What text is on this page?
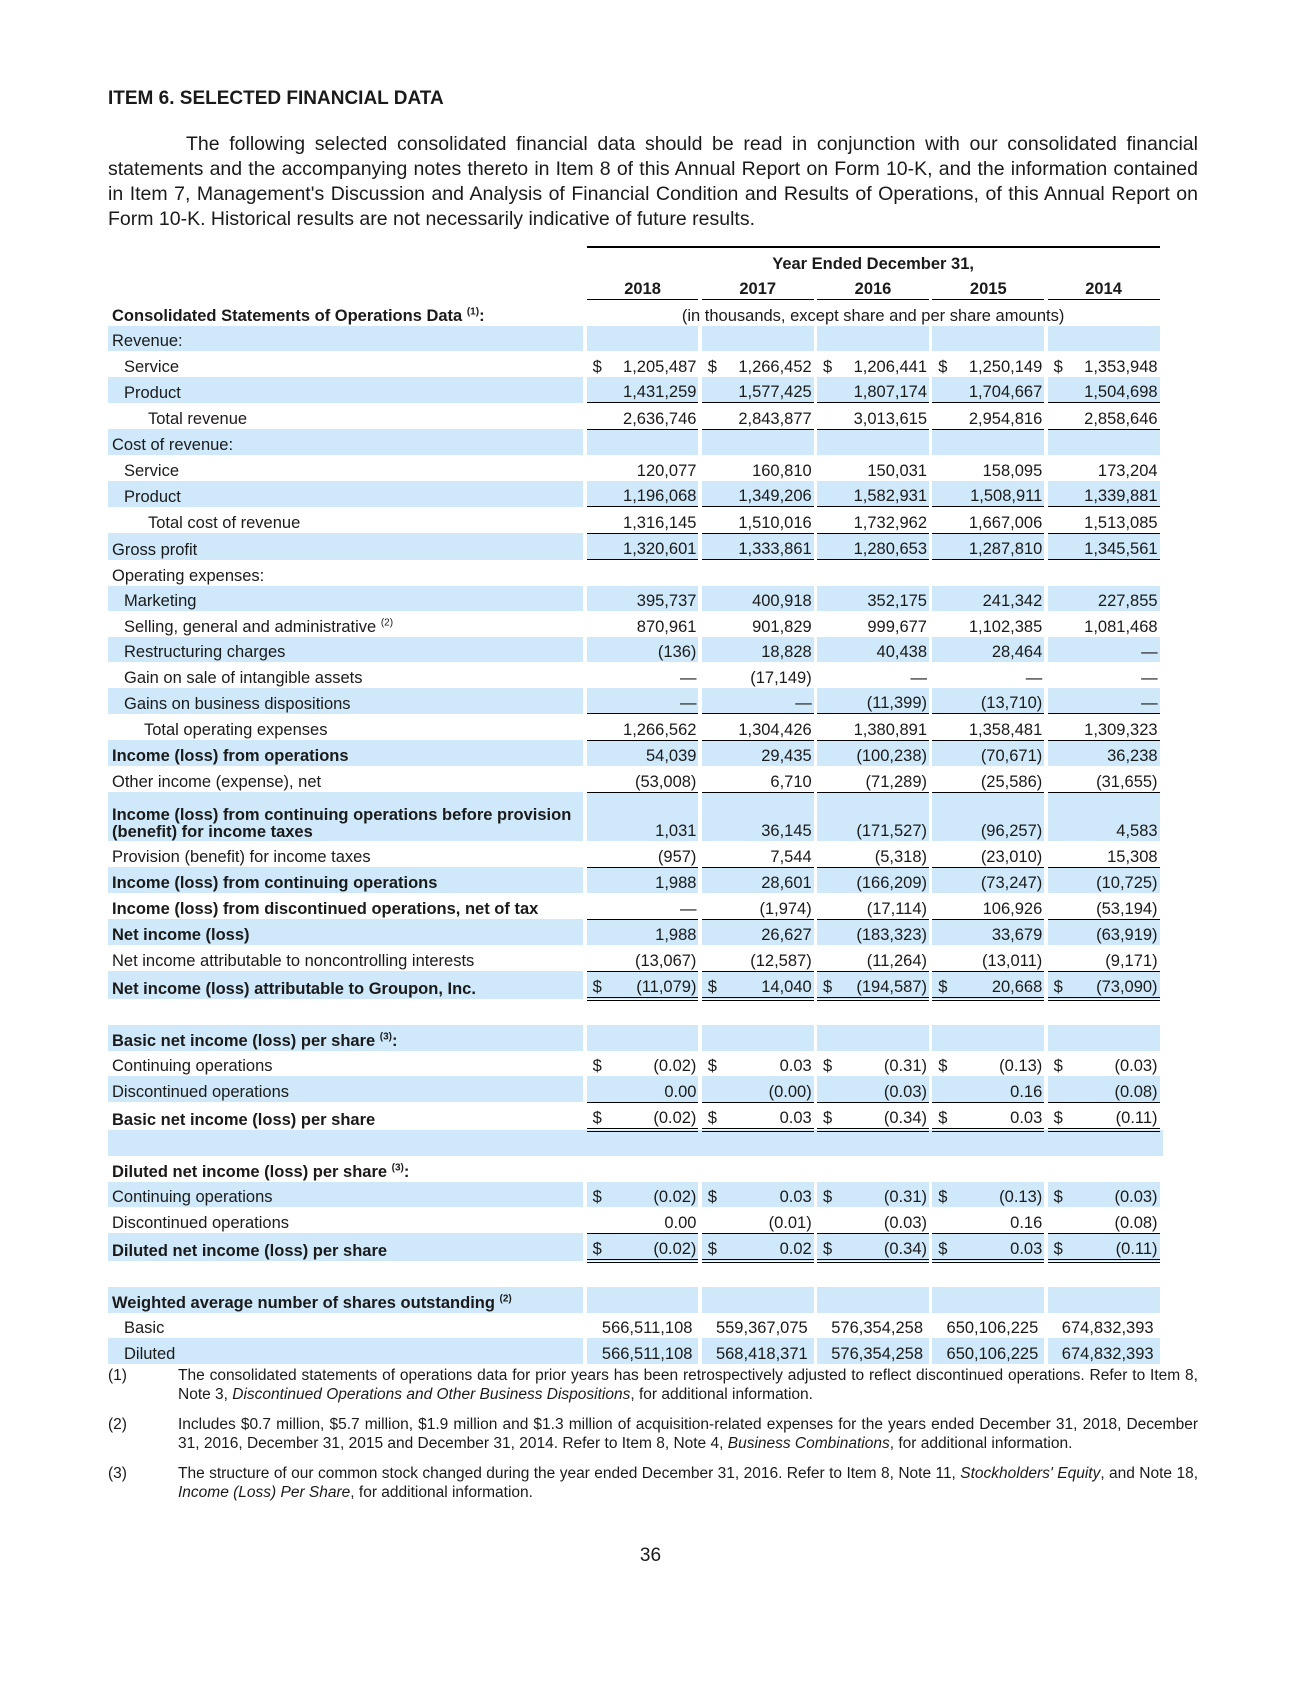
ITEM 6. SELECTED FINANCIAL DATA

The following selected consolidated financial data should be read in conjunction with our consolidated financial statements and the accompanying notes thereto in Item 8 of this Annual Report on Form 10-K, and the information contained in Item 7, Management's Discussion and Analysis of Financial Condition and Results of Operations, of this Annual Report on Form 10-K. Historical results are not necessarily indicative of future results.

		Year Ended December 31,														
		2018			2017			2016			2015			2014		
Consolidated Statements of Operations Data $^{(1)}$:		(in thousands, except share and per share amounts)														
Revenue:																
Service		$	1,205,487		$	1,266,452		$	1,206,441		$	1,250,149		$	1,353,948	
Product			1,431,259			1,577,425			1,807,174			1,704,667			1,504,698	
Total revenue			2,636,746			2,843,877			3,013,615			2,954,816			2,858,646	
Cost of revenue:																
Service			120,077			160,810			150,031			158,095			173,204	
Product			1,196,068			1,349,206			1,582,931			1,508,911			1,339,881	
Total cost of revenue			1,316,145			1,510,016			1,732,962			1,667,006			1,513,085	
Gross profit			1,320,601			1,333,861			1,280,653			1,287,810			1,345,561	
Operating expenses:																
Marketing			395,737			400,918			352,175			241,342			227,855	
Selling, general and administrative $^{(2)}$			870,961			901,829			999,677			1,102,385			1,081,468	
Restructuring charges			(136)			18,828			40,438			28,464			—	
Gain on sale of intangible assets			—			(17,149)			—			—			—	
Gains on business dispositions			—			—			(11,399)			(13,710)			—	
Total operating expenses			1,266,562			1,304,426			1,380,891			1,358,481			1,309,323	
Income (loss) from operations			54,039			29,435			(100,238)			(70,671)			36,238	
Other income (expense), net			(53,008)			6,710			(71,289)			(25,586)			(31,655)	
Income (loss) from continuing operations before provision (benefit) for income taxes			1,031			36,145			(171,527)			(96,257)			4,583	
Provision (benefit) for income taxes			(957)			7,544			(5,318)			(23,010)			15,308	
Income (loss) from continuing operations			1,988			28,601			(166,209)			(73,247)			(10,725)	
Income (loss) from discontinued operations, net of tax			—			(1,974)			(17,114)			106,926			(53,194)	
Net income (loss)			1,988			26,627			(183,323)			33,679			(63,919)	
Net income attributable to noncontrolling interests			(13,067)			(12,587)			(11,264)			(13,011)			(9,171)	
Net income (loss) attributable to Groupon, Inc.		$	(11,079)		$	14,040		$	(194,587)		$	20,668		$	(73,090)	

Basic net income (loss) per share $^{(3)}$:																
Continuing operations		$	(0.02)		$	0.03		$	(0.31)		$	(0.13)		$	(0.03)	
Discontinued operations			0.00			(0.00)			(0.03)			0.16			(0.08)	
Basic net income (loss) per share		$	(0.02)		$	0.03		$	(0.34)		$	0.03		$	(0.11)	

Diluted net income (loss) per share $^{(3)}$:																
Continuing operations		$	(0.02)		$	0.03		$	(0.31)		$	(0.13)		$	(0.03)	
Discontinued operations			0.00			(0.01)			(0.03)			0.16			(0.08)	
Diluted net income (loss) per share		$	(0.02)		$	0.02		$	(0.34)		$	0.03		$	(0.11)	

Weighted average number of shares outstanding $^{(2)}$																
Basic		566,511,108			559,367,075			576,354,258			650,106,225			674,832,393		
Diluted		566,511,108			568,418,371			576,354,258			650,106,225			674,832,393		
(1)	The consolidated statements of operations data for prior years has been retrospectively adjusted to reflect discontinued operations. Refer to Item 8, Note 3, Discontinued Operations and Other Business Dispositions, for additional information.
(2)	Includes $0.7 million, $5.7 million, $1.9 million and $1.3 million of acquisition-related expenses for the years ended December 31, 2018, December 31, 2016, December 31, 2015 and December 31, 2014. Refer to Item 8, Note 4, Business Combinations, for additional information.
(3)	The structure of our common stock changed during the year ended December 31, 2016. Refer to Item 8, Note 11, Stockholders' Equity, and Note 18, Income (Loss) Per Share, for additional information.
36
